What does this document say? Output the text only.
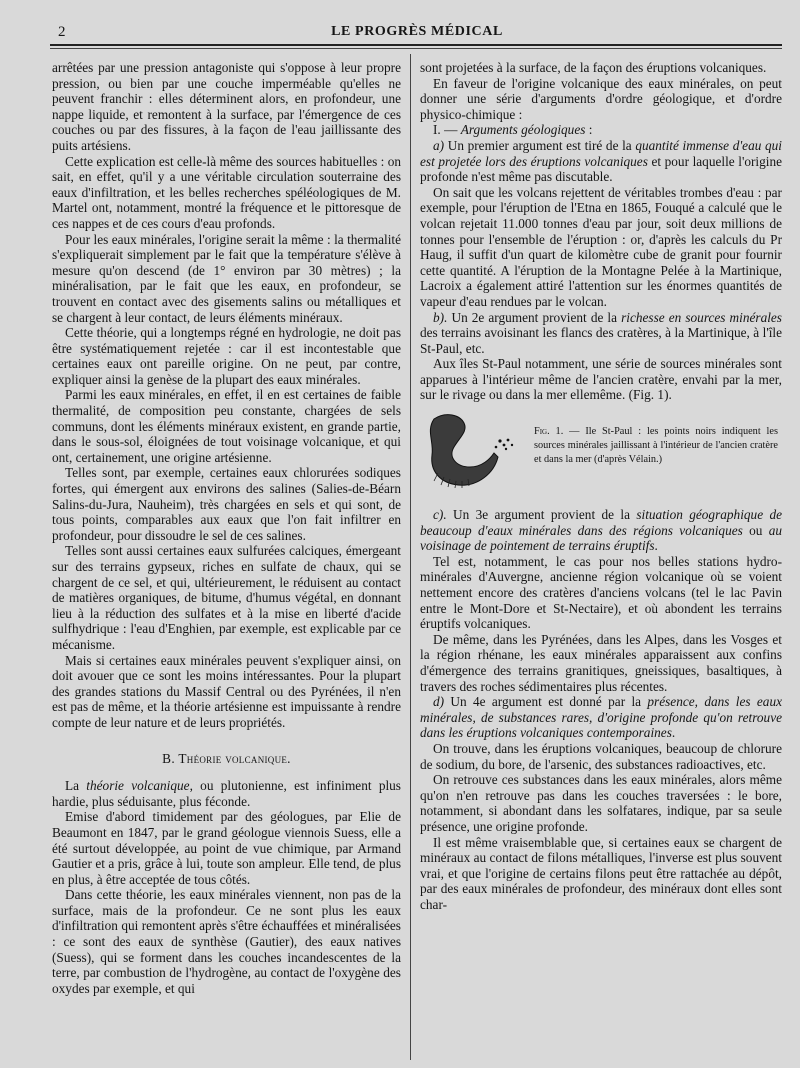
2	LE PROGRÈS MÉDICAL

arrêtées par une pression antagoniste qui s'oppose à leur propre pression, ou bien par une couche imperméable qu'elles ne peuvent franchir : elles déterminent alors, en profondeur, une nappe liquide, et remontent à la surface, par l'émergence de ces couches ou par des fissures, à la façon de l'eau jaillissante des puits artésiens.

Cette explication est celle-là même des sources habituelles : on sait, en effet, qu'il y a une véritable circulation souterraine des eaux d'infiltration, et les belles recherches spéléologiques de M. Martel ont, notamment, montré la fréquence et le pittoresque de ces nappes et de ces cours d'eau profonds.

Pour les eaux minérales, l'origine serait la même : la thermalité s'expliquerait simplement par le fait que la température s'élève à mesure qu'on descend (de 1° environ par 30 mètres) ; la minéralisation, par le fait que les eaux, en profondeur, se trouvent en contact avec des gisements salins ou métalliques et se chargent à leur contact, de leurs éléments minéraux.

Cette théorie, qui a longtemps régné en hydrologie, ne doit pas être systématiquement rejetée : car il est incontestable que certaines eaux ont pareille origine. On ne peut, par contre, expliquer ainsi la genèse de la plupart des eaux minérales.

Parmi les eaux minérales, en effet, il en est certaines de faible thermalité, de composition peu constante, chargées de sels communs, dont les éléments minéraux existent, en grande partie, dans le sous-sol, éloignées de tout voisinage volcanique, et qui ont, certainement, une origine artésienne.

Telles sont, par exemple, certaines eaux chlorurées sodiques fortes, qui émergent aux environs des salines (Salies-de-Béarn Salins-du-Jura, Nauheim), très chargées en sels et qui sont, de tous points, comparables aux eaux que l'on fait infiltrer en profondeur, pour dissoudre le sel de ces salines.

Telles sont aussi certaines eaux sulfurées calciques, émergeant sur des terrains gypseux, riches en sulfate de chaux, qui se chargent de ce sel, et qui, ultérieurement, le réduisent au contact de matières organiques, de bitume, d'humus végétal, en donnant lieu à la réduction des sulfates et à la mise en liberté d'acide sulfhydrique : l'eau d'Enghien, par exemple, est explicable par ce mécanisme.

Mais si certaines eaux minérales peuvent s'expliquer ainsi, on doit avouer que ce sont les moins intéressantes. Pour la plupart des grandes stations du Massif Central ou des Pyrénées, il n'en est pas de même, et la théorie artésienne est impuissante à rendre compte de leur nature et de leurs propriétés.

B. Théorie volcanique.

La théorie volcanique, ou plutonienne, est infiniment plus hardie, plus séduisante, plus féconde.

Emise d'abord timidement par des géologues, par Elie de Beaumont en 1847, par le grand géologue viennois Suess, elle a été surtout développée, au point de vue chimique, par Armand Gautier et a pris, grâce à lui, toute son ampleur. Elle tend, de plus en plus, à être acceptée de tous côtés.

Dans cette théorie, les eaux minérales viennent, non pas de la surface, mais de la profondeur. Ce ne sont plus les eaux d'infiltration qui remontent après s'être échauffées et minéralisées : ce sont des eaux de synthèse (Gautier), des eaux natives (Suess), qui se forment dans les couches incandescentes de la terre, par combustion de l'hydrogène, au contact de l'oxygène des oxydes par exemple, et qui

sont projetées à la surface, de la façon des éruptions volcaniques.

En faveur de l'origine volcanique des eaux minérales, on peut donner une série d'arguments d'ordre géologique, et d'ordre physico-chimique :

I. — Arguments géologiques :

a) Un premier argument est tiré de la quantité immense d'eau qui est projetée lors des éruptions volcaniques et pour laquelle l'origine profonde n'est même pas discutable.

On sait que les volcans rejettent de véritables trombes d'eau : par exemple, pour l'éruption de l'Etna en 1865, Fouqué a calculé que le volcan rejetait 11.000 tonnes d'eau par jour, soit deux millions de tonnes pour l'ensemble de l'éruption : or, d'après les calculs du Pr Haug, il suffit d'un quart de kilomètre cube de granit pour fournir cette quantité. A l'éruption de la Montagne Pelée à la Martinique, Lacroix a également attiré l'attention sur les énormes quantités de vapeur d'eau rendues par le volcan.

b). Un 2e argument provient de la richesse en sources minérales des terrains avoisinant les flancs des cratères, à la Martinique, à l'île St-Paul, etc.

Aux îles St-Paul notamment, une série de sources minérales sont apparues à l'intérieur même de l'ancien cratère, envahi par la mer, sur le rivage ou dans la mer ellemême. (Fig. 1).

Fig. 1. — Ile St-Paul : les points noirs indiquent les sources minérales jaillissant à l'intérieur de l'ancien cratère et dans la mer (d'après Vélain.)

c). Un 3e argument provient de la situation géographique de beaucoup d'eaux minérales dans des régions volcaniques ou au voisinage de pointement de terrains éruptifs.

Tel est, notamment, le cas pour nos belles stations hydro-minérales d'Auvergne, ancienne région volcanique où se voient nettement encore des cratères d'anciens volcans (tel le lac Pavin entre le Mont-Dore et St-Nectaire), et où abondent les terrains éruptifs volcaniques.

De même, dans les Pyrénées, dans les Alpes, dans les Vosges et la région rhénane, les eaux minérales apparaissent aux confins d'émergence des terrains granitiques, gneissiques, basaltiques, à travers des roches sédimentaires plus récentes.

d) Un 4e argument est donné par la présence, dans les eaux minérales, de substances rares, d'origine profonde qu'on retrouve dans les éruptions volcaniques contemporaines.

On trouve, dans les éruptions volcaniques, beaucoup de chlorure de sodium, du bore, de l'arsenic, des substances radioactives, etc.

On retrouve ces substances dans les eaux minérales, alors même qu'on n'en retrouve pas dans les couches traversées : le bore, notamment, si abondant dans les solfatares, indique, par sa seule présence, une origine profonde.

Il est même vraisemblable que, si certaines eaux se chargent de minéraux au contact de filons métalliques, l'inverse est plus souvent vrai, et que l'origine de certains filons peut être rattachée au dépôt, par des eaux minérales de profondeur, des minéraux dont elles sont char-
